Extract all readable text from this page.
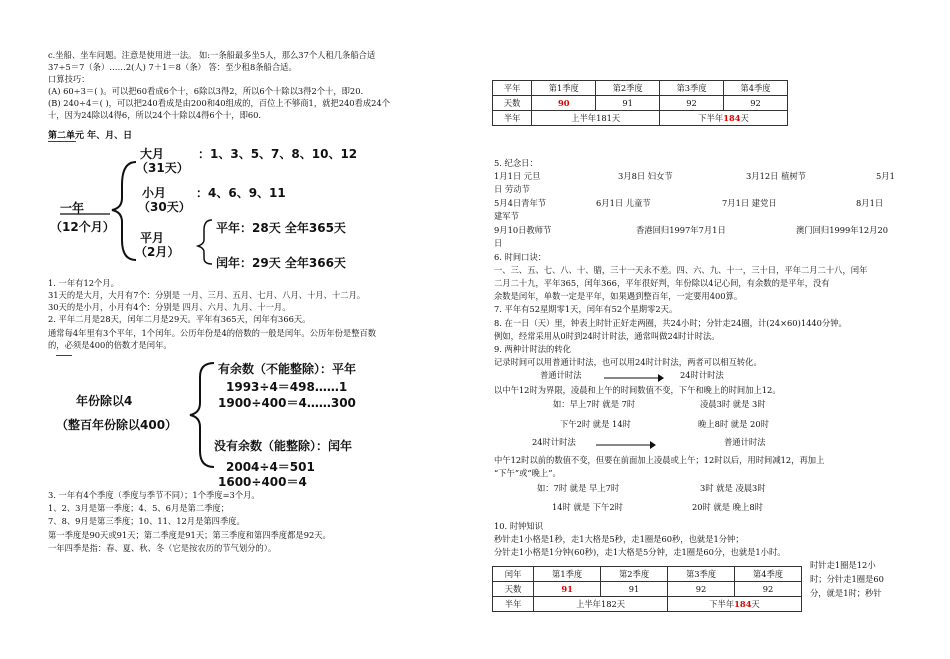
c.坐船、坐车问题。注意是使用进一法。 如:一条船最多坐5人，那么37个人租几条船合适
37÷5＝7（条）……2(人) 7＋1＝8（条） 答：至少租8条船合适。
口算技巧：
(A) 60÷3＝( )。可以把60看成6个十，6除以3得2，所以6个十除以3得2个十，即20.
(B) 240÷4＝( )，可以把240看成是由200和40组成的，百位上不够商1，就把240看成24个
十，因为24除以4得6，所以24个十除以4得6个十，即60.
第二单元 年、月、日
一年
（12个月）
大月
（31天）
：1、3、5、7、8、10、12
小月
（30天）
：4、6、9、11
平月
（2月）
平年：28天 全年365天
闰年：29天 全年366天
1. 一年有12个月。
31天的是大月，大月有7个：分别是 一月、三月、五月、七月、八月、十月、十二月。
30天的是小月，小月有4个：分别是 四月、六月、九月、十一月。
2. 平年二月是28天，闰年二月是29天。平年有365天，闰年有366天。
通常每4年里有3个平年，1个闰年。公历年份是4的倍数的一般是闰年。公历年份是整百数
的，必须是400的倍数才是闰年。
年份除以4
（整百年份除以400）
有余数（不能整除）：平年
1993÷4＝498……1
1900÷400＝4……300
没有余数（能整除）：闰年
2004÷4＝501
1600÷400＝4
3. 一年有4个季度（季度与季节不同）；1个季度=3个月。
1、2、3月是第一季度；4、5、6月是第二季度；
7、8、9月是第三季度；10、11、12月是第四季度。
第一季度是90天或91天；第二季度是91天；第三季度和第四季度都是92天。
一年四季是指：春、夏、秋、冬（它是按农历的节气划分的）。
平年	第1季度	第2季度	第3季度	第4季度
天数	90	91	92	92
半年	上半年181天		下半年184天	
5. 纪念日：
1月1日 元旦	3月8日 妇女节	3月12日 植树节	5月1
日 劳动节
5月4日青年节	6月1日 儿童节	7月1日 建党日	8月1日
建军节
9月10日教师节	香港回归1997年7月1日	澳门回归1999年12月20
日
6. 时间口诀：
一、三、五、七、八、十、腊，三十一天永不差。四、六、九、十一，三十日，平年二月二十八，闰年
二月二十九，平年365，闰年366，平年很好判，年份除以4记心间，有余数的是平年，没有
余数是闰年，单数一定是平年，如果遇到整百年，一定要用400算。
7. 平年有52星期零1天，闰年有52个星期零2天。
8. 在一日（天）里，钟表上时针正好走两圈，共24小时；分针走24圈，计(24×60)1440分钟。
例如，经常采用从0时到24时计时法，通常叫做24时计时法。
9. 两种计时法的转化
记录时间可以用普通计时法，也可以用24时计时法，两者可以相互转化。
普通计时法	24时计时法
以中午12时为界限，凌晨和上午的时间数值不变，下午和晚上的时间加上12。
如：早上7时 就是 7时	凌晨3时 就是 3时
下午2时 就是 14时	晚上8时 就是 20时
24时计时法	普通计时法
中午12时以前的数值不变，但要在前面加上凌晨或上午；12时以后，用时间减12，再加上
“下午”或“晚上”。
如：7时 就是 早上7时	3时 就是 凌晨3时
14时 就是 下午2时	20时 就是 晚上8时
10. 时钟知识
秒针走1小格是1秒，走1大格是5秒，走1圈是60秒，也就是1分钟；
分针走1小格是1分钟(60秒)，走1大格是5分钟，走1圈是60分，也就是1小时。
闰年	第1季度	第2季度	第3季度	第4季度
天数	91	91	92	92
半年	上半年182天		下半年184天	
时针走1圈是12小
时；分针走1圈是60
分，就是1时；秒针
